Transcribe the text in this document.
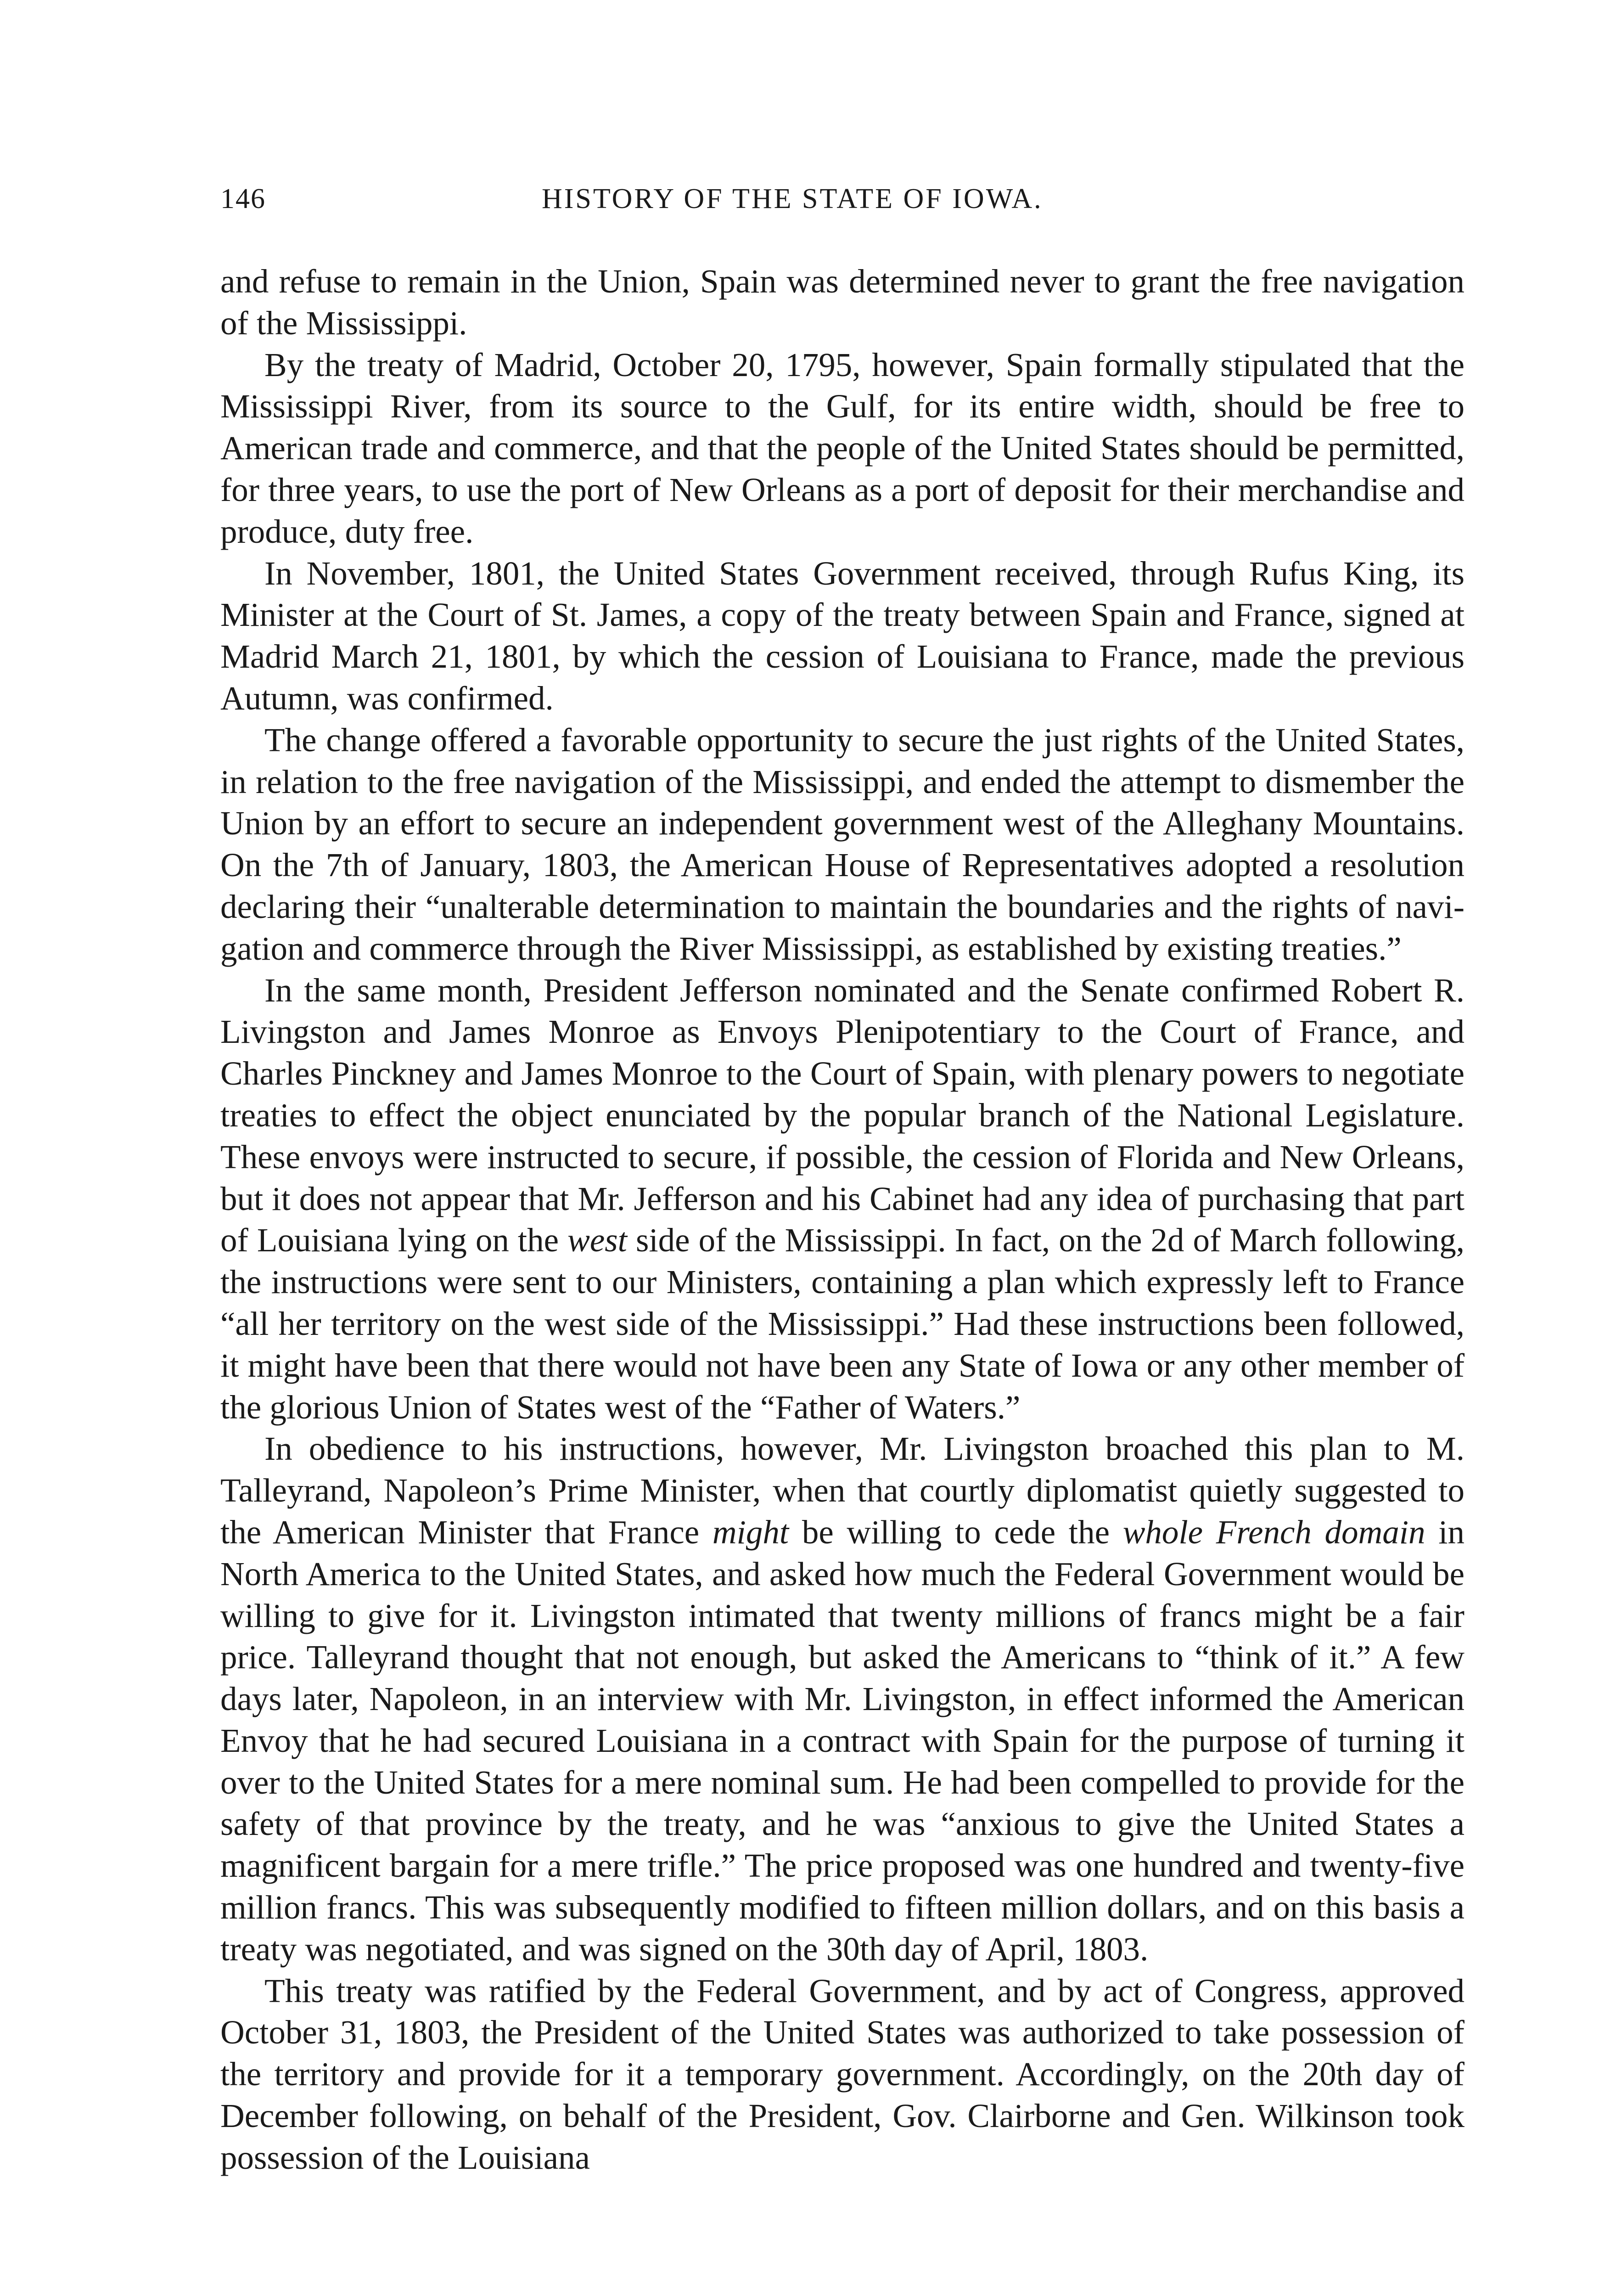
146	HISTORY OF THE STATE OF IOWA.

and refuse to remain in the Union, Spain was determined never to grant the free navigation of the Mississippi.

By the treaty of Madrid, October 20, 1795, however, Spain formally stipulated that the Mississippi River, from its source to the Gulf, for its entire width, should be free to American trade and commerce, and that the people of the United States should be permitted, for three years, to use the port of New Orleans as a port of deposit for their merchandise and produce, duty free.

In November, 1801, the United States Government received, through Rufus King, its Minister at the Court of St. James, a copy of the treaty between Spain and France, signed at Madrid March 21, 1801, by which the cession of Louisiana to France, made the previous Autumn, was confirmed.

The change offered a favorable opportunity to secure the just rights of the United States, in relation to the free navigation of the Mississippi, and ended the attempt to dismember the Union by an effort to secure an independent government west of the Alleghany Mountains. On the 7th of January, 1803, the American House of Representatives adopted a resolution declaring their “unalterable determination to maintain the boundaries and the rights of navigation and commerce through the River Mississippi, as established by existing treaties.”

In the same month, President Jefferson nominated and the Senate confirmed Robert R. Livingston and James Monroe as Envoys Plenipotentiary to the Court of France, and Charles Pinckney and James Monroe to the Court of Spain, with plenary powers to negotiate treaties to effect the object enunciated by the popular branch of the National Legislature. These envoys were instructed to secure, if possible, the cession of Florida and New Orleans, but it does not appear that Mr. Jefferson and his Cabinet had any idea of purchasing that part of Louisiana lying on the west side of the Mississippi. In fact, on the 2d of March following, the instructions were sent to our Ministers, containing a plan which expressly left to France “all her territory on the west side of the Mississippi.” Had these instructions been followed, it might have been that there would not have been any State of Iowa or any other member of the glorious Union of States west of the “Father of Waters.”

In obedience to his instructions, however, Mr. Livingston broached this plan to M. Talleyrand, Napoleon’s Prime Minister, when that courtly diplomatist quietly suggested to the American Minister that France might be willing to cede the whole French domain in North America to the United States, and asked how much the Federal Government would be willing to give for it. Livingston intimated that twenty millions of francs might be a fair price. Talleyrand thought that not enough, but asked the Americans to “think of it.” A few days later, Napoleon, in an interview with Mr. Livingston, in effect informed the American Envoy that he had secured Louisiana in a contract with Spain for the purpose of turning it over to the United States for a mere nominal sum. He had been compelled to provide for the safety of that province by the treaty, and he was “anxious to give the United States a magnificent bargain for a mere trifle.” The price proposed was one hundred and twenty-five million francs. This was subsequently modified to fifteen million dollars, and on this basis a treaty was negotiated, and was signed on the 30th day of April, 1803.

This treaty was ratified by the Federal Government, and by act of Congress, approved October 31, 1803, the President of the United States was authorized to take possession of the territory and provide for it a temporary government. Accordingly, on the 20th day of December following, on behalf of the President, Gov. Clairborne and Gen. Wilkinson took possession of the Louisiana
